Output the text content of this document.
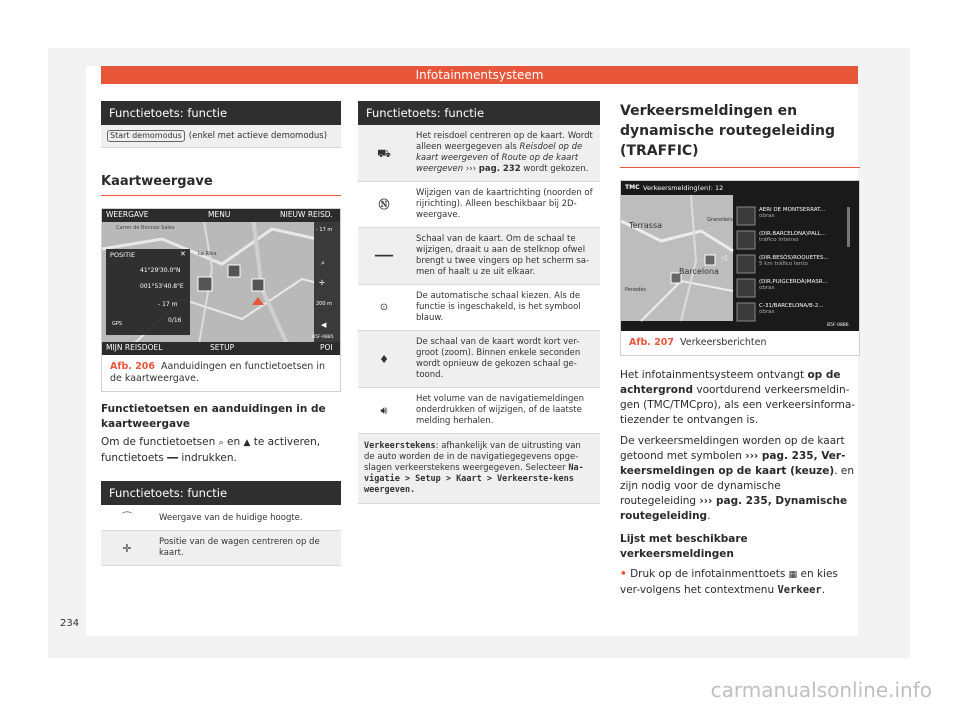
Infotainmentsysteem
Functietoets: functie
Start demomodus (enkel met actieve demomodus)
Kaartweergave
WEERGAVE	MENU	NIEUW REISD.
MIJN REISDOEL	SETUP	POI
Carrer de Bonnes Sales
La Riba
POSITIE	✕
41°29'30.0"N
001°53'40.8"E
- 17 m
0/16
GPS
- 17 m
⌕
✛
200 m
◀
B5F-0885
Afb. 206 Aanduidingen en functietoetsen in de kaartweergave.
Functietoetsen en aanduidingen in de kaartweergave
Om de functietoetsen ⌕ en ▲ te activeren, functietoets ━━ indrukken.
Functietoets: functie
⌒	Weergave van de huidige hoogte.
✛	Positie van de wagen centreren op de kaart.
Functietoets: functie
⛟
Het reisdoel centreren op de kaart. Wordt alleen weergegeven als Reisdoel op de kaart weergeven of Route op de kaart weergeven ››› pag. 232 wordt gekozen.
Ⓝ
Wijzigen van de kaartrichting (noorden of rijrichting). Alleen beschikbaar bij 2D-weergave.
━━━
Schaal van de kaart. Om de schaal te wijzigen, draait u aan de stelknop ofwel brengt u twee vingers op het scherm sa-men of haalt u ze uit elkaar.
⊙
De automatische schaal kiezen. Als de functie is ingeschakeld, is het symbool blauw.
♦
De schaal van de kaart wordt kort ver-groot (zoom). Binnen enkele seconden wordt opnieuw de gekozen schaal ge-toond.
🔊︎
Het volume van de navigatiemeldingen onderdrukken of wijzigen, of de laatste melding herhalen.
Verkeerstekens: afhankelijk van de uitrusting van de auto worden de in de navigatiegegevens opge-slagen verkeerstekens weergegeven. Selecteer Na-vigatie > Setup > Kaart > Verkeerste-kens weergeven.
Verkeersmeldingen en dynamische routegeleiding (TRAFFIC)
TMC Verkeersmelding(en): 12
Terrassa
Granollers
Barcelona
Penedès
◁
AERI DE MONTSERRAT...
obras
(DIR.BARCELONA)PALL...
tráfico intenso
(DIR.BESÒS)ROQUETES...
5 km tráfico lento
(DIR.PUIGCERDÀ)MASR...
obras
C-31/BARCELONA/B-2...
obras
B5F-0886
Afb. 207 Verkeersberichten
Het infotainmentsysteem ontvangt op de achtergrond voortdurend verkeersmeldin-gen (TMC/TMCpro), als een verkeersinforma-tiezender te ontvangen is.
De verkeersmeldingen worden op de kaart getoond met symbolen ››› pag. 235, Ver-keersmeldingen op de kaart (keuze). en zijn nodig voor de dynamische routegeleiding ››› pag. 235, Dynamische routegeleiding.
Lijst met beschikbare verkeersmeldingen
• Druk op de infotainmenttoets ▦ en kies ver-volgens het contextmenu Verkeer.
234
carmanualsonline.info
